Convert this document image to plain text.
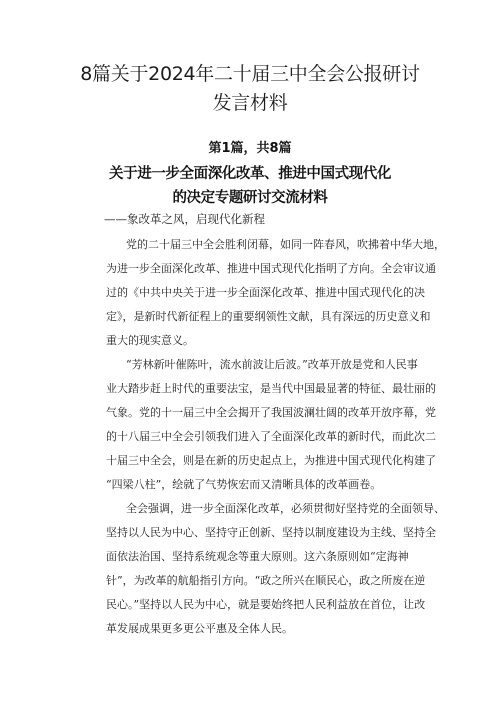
8篇关于2024年二十届三中全会公报研讨
发言材料
第1篇，共8篇
关于进一步全面深化改革、推进中国式现代化
的决定专题研讨交流材料
——象改革之风，启现代化新程
党的二十届三中全会胜利闭幕，如同一阵春风，吹拂着中华大地，
为进一步全面深化改革、推进中国式现代化指明了方向。全会审议通
过的《中共中央关于进一步全面深化改革、推进中国式现代化的决
定》，是新时代新征程上的重要纲领性文献，具有深远的历史意义和
重大的现实意义。
“芳林新叶催陈叶，流水前波让后波。”改革开放是党和人民事
业大踏步赶上时代的重要法宝，是当代中国最显著的特征、最壮丽的
气象。党的十一届三中全会揭开了我国波澜壮阔的改革开放序幕，党
的十八届三中全会引领我们进入了全面深化改革的新时代，而此次二
十届三中全会，则是在新的历史起点上，为推进中国式现代化构建了
“四梁八柱”，绘就了气势恢宏而又清晰具体的改革画卷。
全会强调，进一步全面深化改革，必须贯彻好坚持党的全面领导、
坚持以人民为中心、坚持守正创新、坚持以制度建设为主线、坚持全
面依法治国、坚持系统观念等重大原则。这六条原则如“定海神
针”，为改革的航船指引方向。“政之所兴在顺民心，政之所废在逆
民心。”坚持以人民为中心，就是要始终把人民利益放在首位，让改
革发展成果更多更公平惠及全体人民。
